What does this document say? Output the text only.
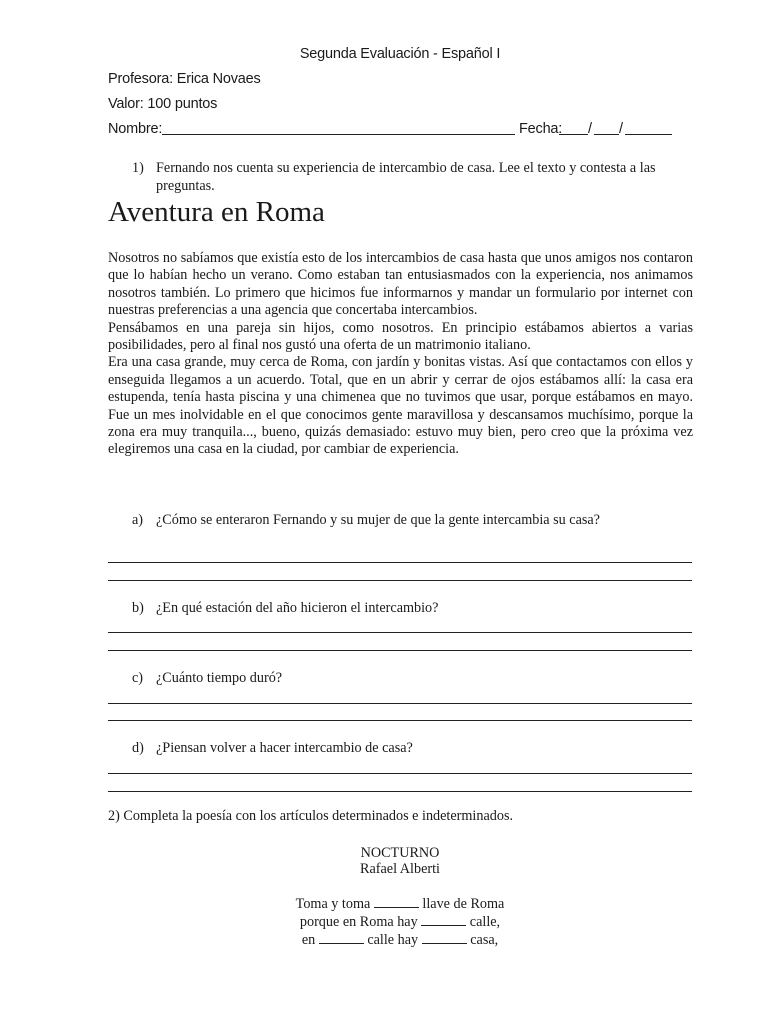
Segunda Evaluación - Español I
Profesora: Erica Novaes
Valor: 100 puntos
Nombre:	Fecha: / /
1) Fernando nos cuenta su experiencia de intercambio de casa. Lee el texto y contesta a las preguntas.
Aventura en Roma

Nosotros no sabíamos que existía esto de los intercambios de casa hasta que unos amigos nos contaron que lo habían hecho un verano. Como estaban tan entusiasmados con la experiencia, nos animamos nosotros también. Lo primero que hicimos fue informarnos y mandar un formulario por internet con nuestras preferencias a una agencia que concertaba intercambios.

Pensábamos en una pareja sin hijos, como nosotros. En principio estábamos abiertos a varias posibilidades, pero al final nos gustó una oferta de un matrimonio italiano.

Era una casa grande, muy cerca de Roma, con jardín y bonitas vistas. Así que contactamos con ellos y enseguida llegamos a un acuerdo. Total, que en un abrir y cerrar de ojos estábamos allí: la casa era estupenda, tenía hasta piscina y una chimenea que no tuvimos que usar, porque estábamos en mayo. Fue un mes inolvidable en el que conocimos gente maravillosa y descansamos muchísimo, porque la zona era muy tranquila..., bueno, quizás demasiado: estuvo muy bien, pero creo que la próxima vez elegiremos una casa en la ciudad, por cambiar de experiencia.

a) ¿Cómo se enteraron Fernando y su mujer de que la gente intercambia su casa?
b) ¿En qué estación del año hicieron el intercambio?
c) ¿Cuánto tiempo duró?
d) ¿Piensan volver a hacer intercambio de casa?
2) Completa la poesía con los artículos determinados e indeterminados.
NOCTURNO
Rafael Alberti
Toma y toma	llave de Roma
porque en Roma hay	calle,
en	calle hay	casa,
